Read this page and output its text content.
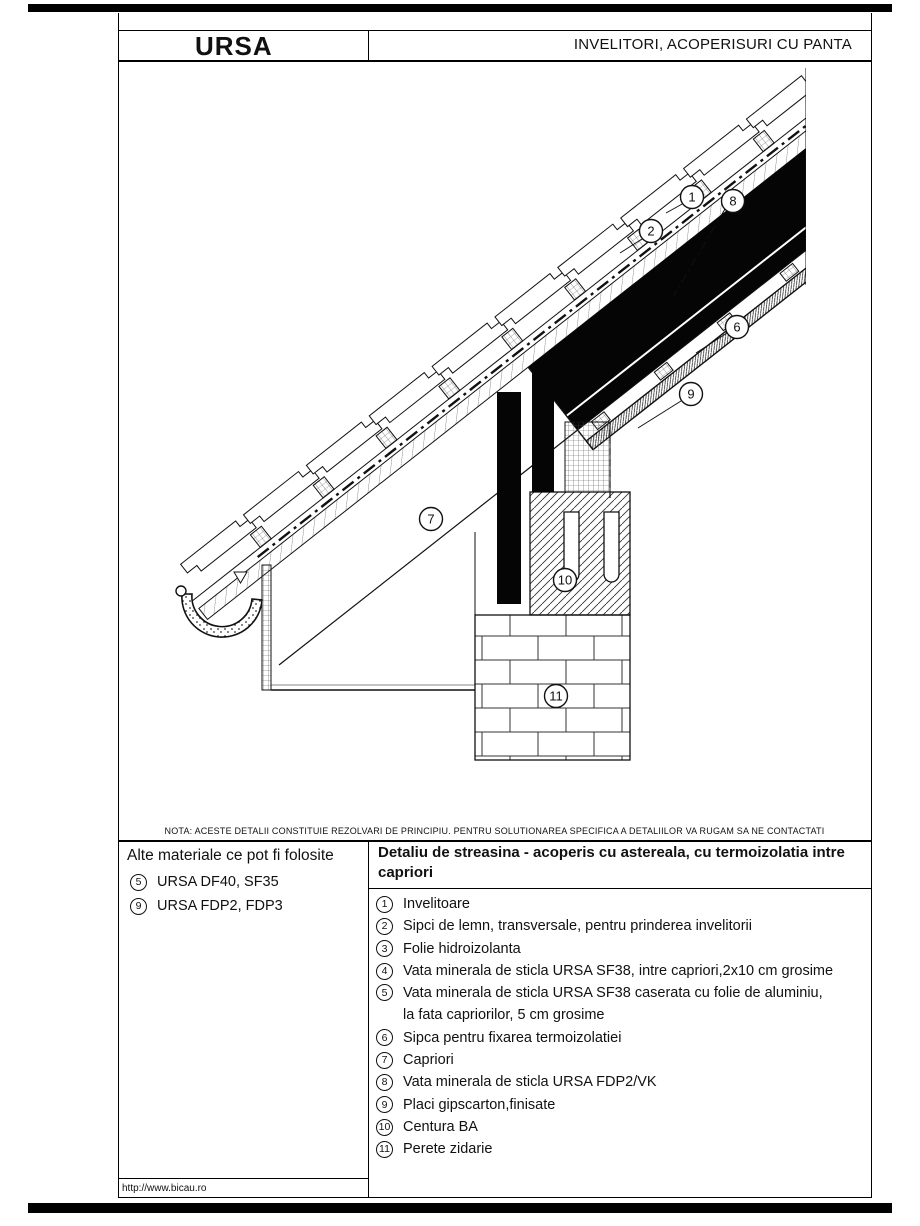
URSA	INVELITORI, ACOPERISURI CU PANTA
1	8
2
6
9
7
10
11
NOTA: ACESTE DETALII CONSTITUIE REZOLVARI DE PRINCIPIU. PENTRU SOLUTIONAREA SPECIFICA A DETALIILOR VA RUGAM SA NE CONTACTATI
Alte materiale ce pot fi folosite
5	URSA DF40, SF35
9	URSA FDP2, FDP3
Detaliu de streasina - acoperis cu astereala, cu termoizolatia intre capriori
1	Invelitoare
2	Sipci de lemn, transversale, pentru prinderea invelitorii
3	Folie hidroizolanta
4	Vata minerala de sticla URSA SF38, intre capriori,2x10 cm grosime
5	Vata minerala de sticla URSA SF38 caserata cu folie de aluminiu,
la fata capriorilor, 5 cm grosime
6	Sipca pentru fixarea termoizolatiei
7	Capriori
8	Vata minerala de sticla URSA FDP2/VK
9	Placi gipscarton,finisate
10 Centura BA
11 Perete zidarie
http://www.bicau.ro
